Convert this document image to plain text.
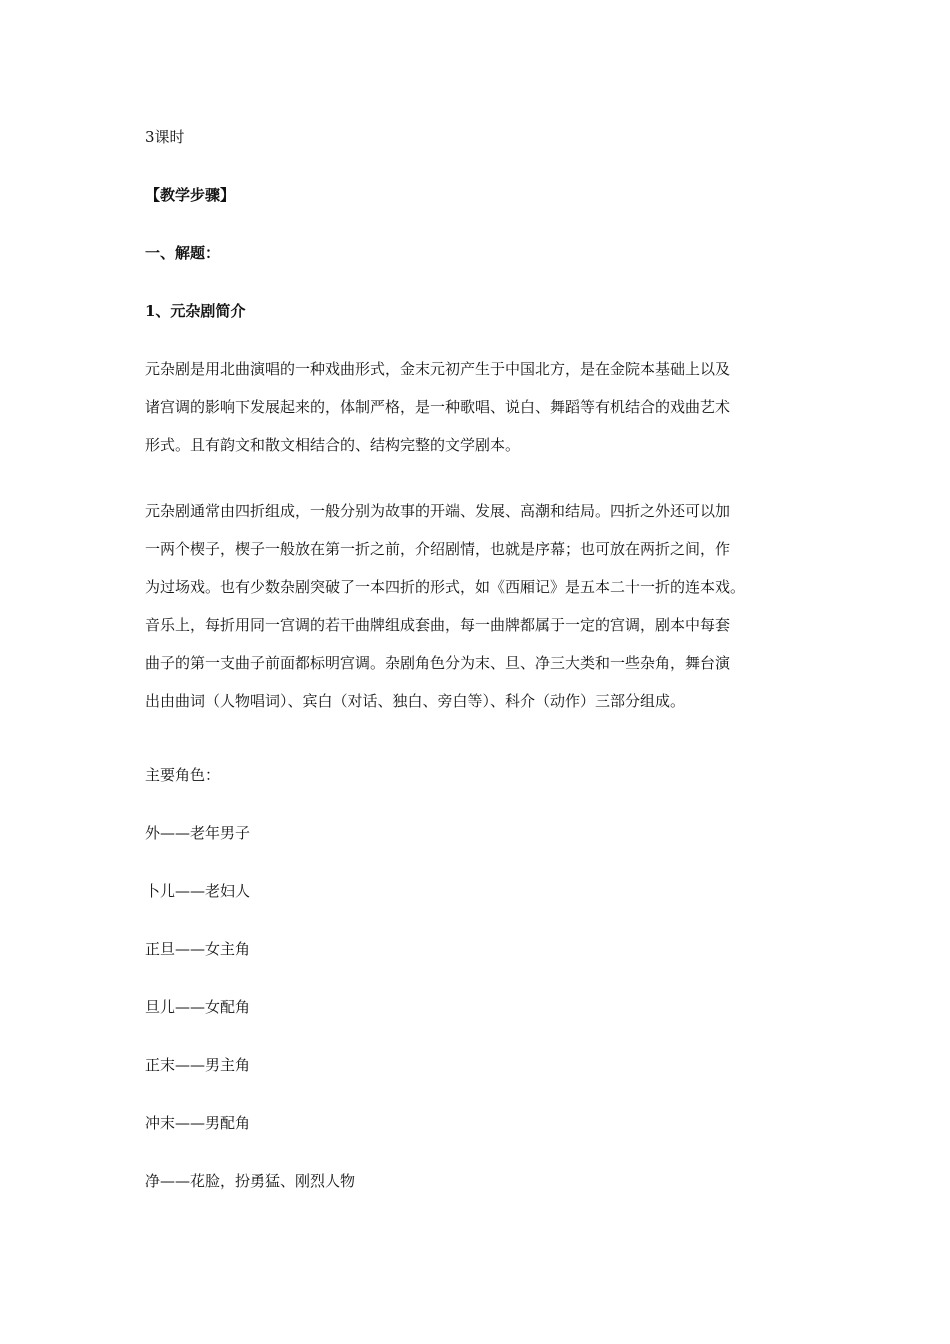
3课时
【教学步骤】
一、解题：
1、元杂剧简介
元杂剧是用北曲演唱的一种戏曲形式，金末元初产生于中国北方，是在金院本基础上以及
诸宫调的影响下发展起来的，体制严格，是一种歌唱、说白、舞蹈等有机结合的戏曲艺术
形式。且有韵文和散文相结合的、结构完整的文学剧本。
元杂剧通常由四折组成，一般分别为故事的开端、发展、高潮和结局。四折之外还可以加
一两个楔子，楔子一般放在第一折之前，介绍剧情，也就是序幕；也可放在两折之间，作
为过场戏。也有少数杂剧突破了一本四折的形式，如《西厢记》是五本二十一折的连本戏。
音乐上，每折用同一宫调的若干曲牌组成套曲，每一曲牌都属于一定的宫调，剧本中每套
曲子的第一支曲子前面都标明宫调。杂剧角色分为末、旦、净三大类和一些杂角，舞台演
出由曲词（人物唱词）、宾白（对话、独白、旁白等）、科介（动作）三部分组成。
主要角色：
外——老年男子
卜儿——老妇人
正旦——女主角
旦儿——女配角
正末——男主角
冲末——男配角
净——花脸，扮勇猛、刚烈人物
